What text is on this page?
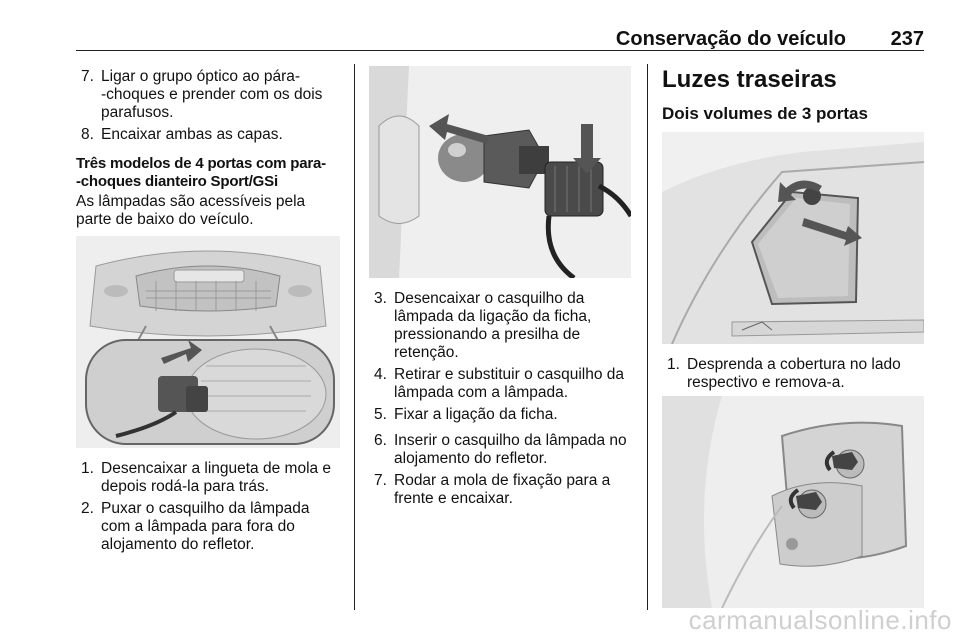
Conservação do veículo 237
7. Ligar o grupo óptico ao pára-
-choques e prender com os dois
parafusos.
8. Encaixar ambas as capas.
Três modelos de 4 portas com para-
-choques dianteiro Sport/GSi
As lâmpadas são acessíveis pela
parte de baixo do veículo.
1. Desencaixar a lingueta de mola e
depois rodá-la para trás.
2. Puxar o casquilho da lâmpada
com a lâmpada para fora do
alojamento do refletor.
3. Desencaixar o casquilho da
lâmpada da ligação da ficha,
pressionando a presilha de
retenção.
4. Retirar e substituir o casquilho da
lâmpada com a lâmpada.
5. Fixar a ligação da ficha.
6. Inserir o casquilho da lâmpada no
alojamento do refletor.
7. Rodar a mola de fixação para a
frente e encaixar.
Luzes traseiras
Dois volumes de 3 portas
1. Desprenda a cobertura no lado
respectivo e remova-a.
carmanualsonline.info
